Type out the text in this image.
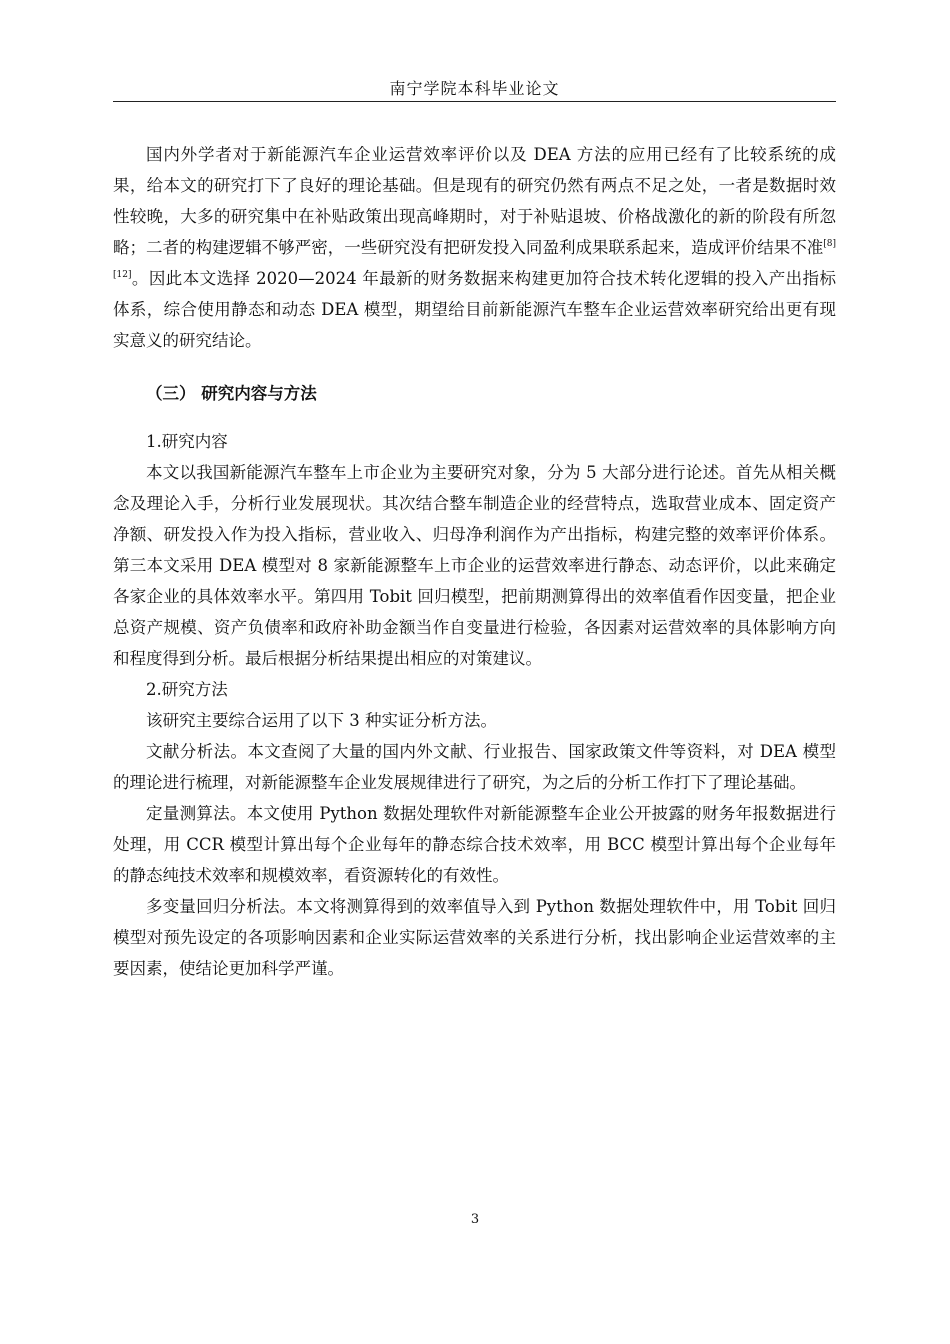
南宁学院本科毕业论文

国内外学者对于新能源汽车企业运营效率评价以及 DEA 方法的应用已经有了比较系统的成果，给本文的研究打下了良好的理论基础。但是现有的研究仍然有两点不足之处，一者是数据时效性较晚，大多的研究集中在补贴政策出现高峰期时，对于补贴退坡、价格战激化的新的阶段有所忽略；二者的构建逻辑不够严密，一些研究没有把研发投入同盈利成果联系起来，造成评价结果不准[8][12]。因此本文选择 2020—2024 年最新的财务数据来构建更加符合技术转化逻辑的投入产出指标体系，综合使用静态和动态 DEA 模型，期望给目前新能源汽车整车企业运营效率研究给出更有现实意义的研究结论。

（三） 研究内容与方法

1.研究内容

本文以我国新能源汽车整车上市企业为主要研究对象，分为 5 大部分进行论述。首先从相关概念及理论入手，分析行业发展现状。其次结合整车制造企业的经营特点，选取营业成本、固定资产净额、研发投入作为投入指标，营业收入、归母净利润作为产出指标，构建完整的效率评价体系。第三本文采用 DEA 模型对 8 家新能源整车上市企业的运营效率进行静态、动态评价，以此来确定各家企业的具体效率水平。第四用 Tobit 回归模型，把前期测算得出的效率值看作因变量，把企业总资产规模、资产负债率和政府补助金额当作自变量进行检验，各因素对运营效率的具体影响方向和程度得到分析。最后根据分析结果提出相应的对策建议。

2.研究方法

该研究主要综合运用了以下 3 种实证分析方法。

文献分析法。本文查阅了大量的国内外文献、行业报告、国家政策文件等资料，对 DEA 模型的理论进行梳理，对新能源整车企业发展规律进行了研究，为之后的分析工作打下了理论基础。

定量测算法。本文使用 Python 数据处理软件对新能源整车企业公开披露的财务年报数据进行处理，用 CCR 模型计算出每个企业每年的静态综合技术效率，用 BCC 模型计算出每个企业每年的静态纯技术效率和规模效率，看资源转化的有效性。

多变量回归分析法。本文将测算得到的效率值导入到 Python 数据处理软件中，用 Tobit 回归模型对预先设定的各项影响因素和企业实际运营效率的关系进行分析，找出影响企业运营效率的主要因素，使结论更加科学严谨。

3
